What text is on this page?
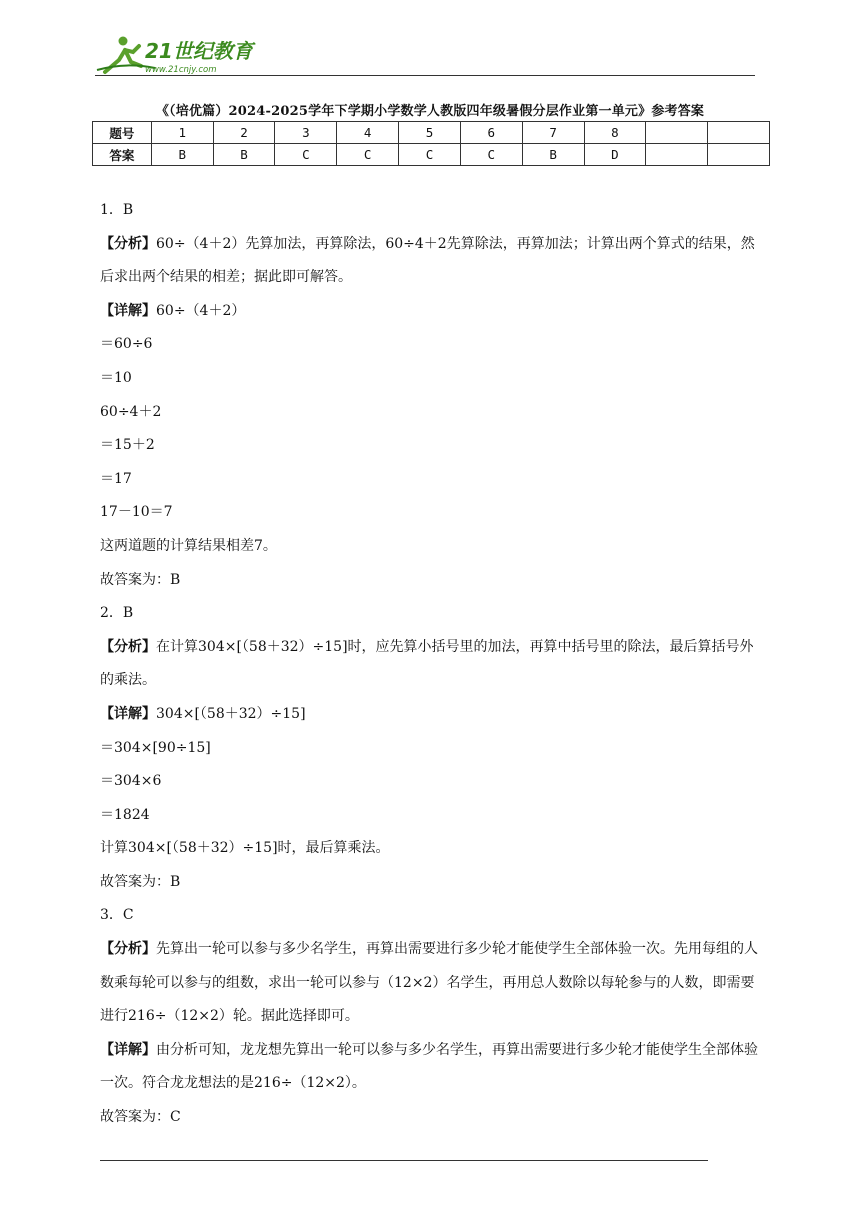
21世纪教育
www.21cnjy.com
《（培优篇）2024-2025学年下学期小学数学人教版四年级暑假分层作业第一单元》参考答案
题号	1	2	3	4	5	6	7	8		
答案	B	B	C	C	C	C	B	D		
1．B
【分析】60÷（4＋2）先算加法，再算除法，60÷4＋2先算除法，再算加法；计算出两个算式的结果，然后求出两个结果的相差；据此即可解答。
【详解】60÷（4＋2）
＝60÷6
＝10
60÷4＋2
＝15＋2
＝17
17－10＝7
这两道题的计算结果相差7。
故答案为：B
2．B
【分析】在计算304×[（58＋32）÷15]时，应先算小括号里的加法，再算中括号里的除法，最后算括号外的乘法。
【详解】304×[（58＋32）÷15]
＝304×[90÷15]
＝304×6
＝1824
计算304×[（58＋32）÷15]时，最后算乘法。
故答案为：B
3．C
【分析】先算出一轮可以参与多少名学生，再算出需要进行多少轮才能使学生全部体验一次。先用每组的人数乘每轮可以参与的组数，求出一轮可以参与（12×2）名学生，再用总人数除以每轮参与的人数，即需要进行216÷（12×2）轮。据此选择即可。
【详解】由分析可知，龙龙想先算出一轮可以参与多少名学生，再算出需要进行多少轮才能使学生全部体验一次。符合龙龙想法的是216÷（12×2）。
故答案为：C
